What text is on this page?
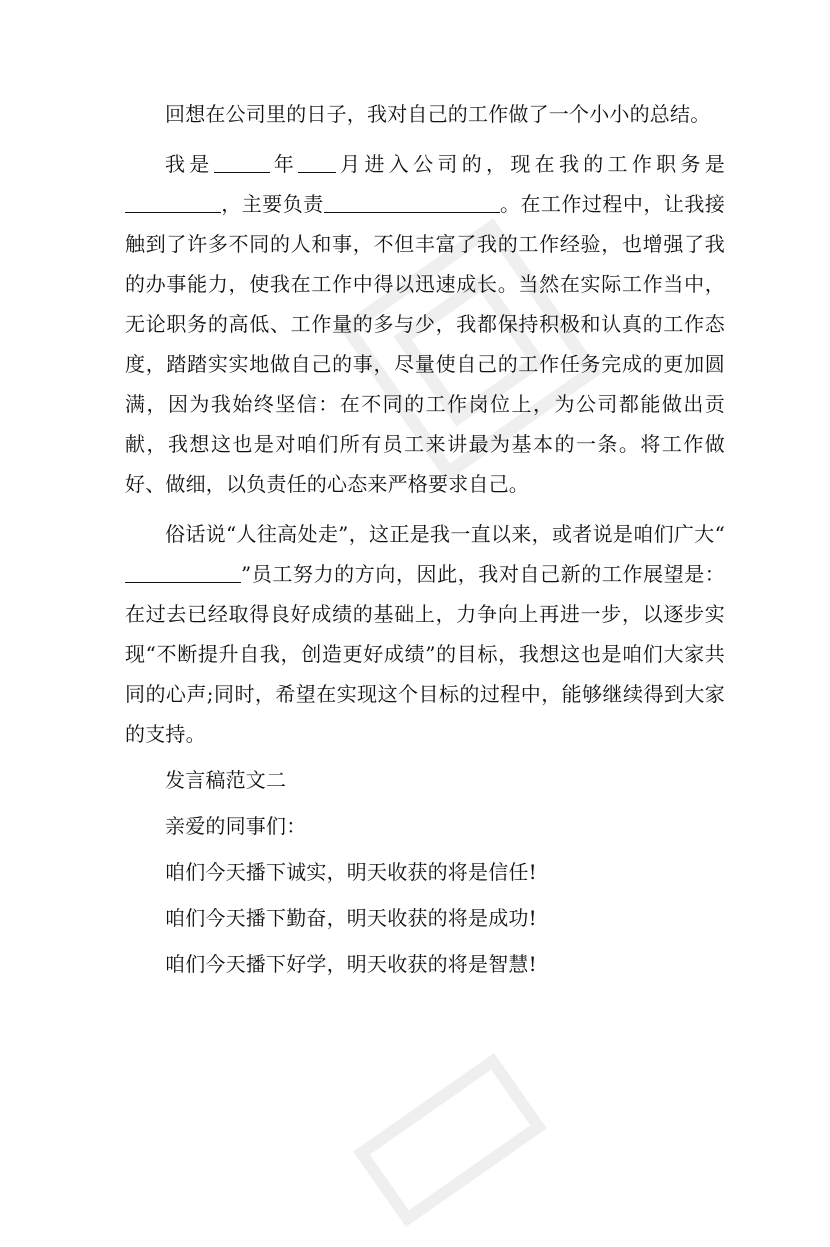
回想在公司里的日子，我对自己的工作做了一个小小的总结。

我是	年 月进入公司的，现在我的工作职务是，主要负责	。在工作过程中，让我接触到了许多不同的人和事，不但丰富了我的工作经验，也增强了我的办事能力，使我在工作中得以迅速成长。当然在实际工作当中，无论职务的高低、工作量的多与少，我都保持积极和认真的工作态度，踏踏实实地做自己的事，尽量使自己的工作任务完成的更加圆满，因为我始终坚信：在不同的工作岗位上，为公司都能做出贡献，我想这也是对咱们所有员工来讲最为基本的一条。将工作做好、做细，以负责任的心态来严格要求自己。

俗话说“人往高处走”，这正是我一直以来，或者说是咱们广大“”员工努力的方向，因此，我对自己新的工作展望是：在过去已经取得良好成绩的基础上，力争向上再进一步，以逐步实现“不断提升自我，创造更好成绩”的目标，我想这也是咱们大家共同的心声;同时，希望在实现这个目标的过程中，能够继续得到大家的支持。

发言稿范文二

亲爱的同事们：

咱们今天播下诚实，明天收获的将是信任!

咱们今天播下勤奋，明天收获的将是成功!

咱们今天播下好学，明天收获的将是智慧!
